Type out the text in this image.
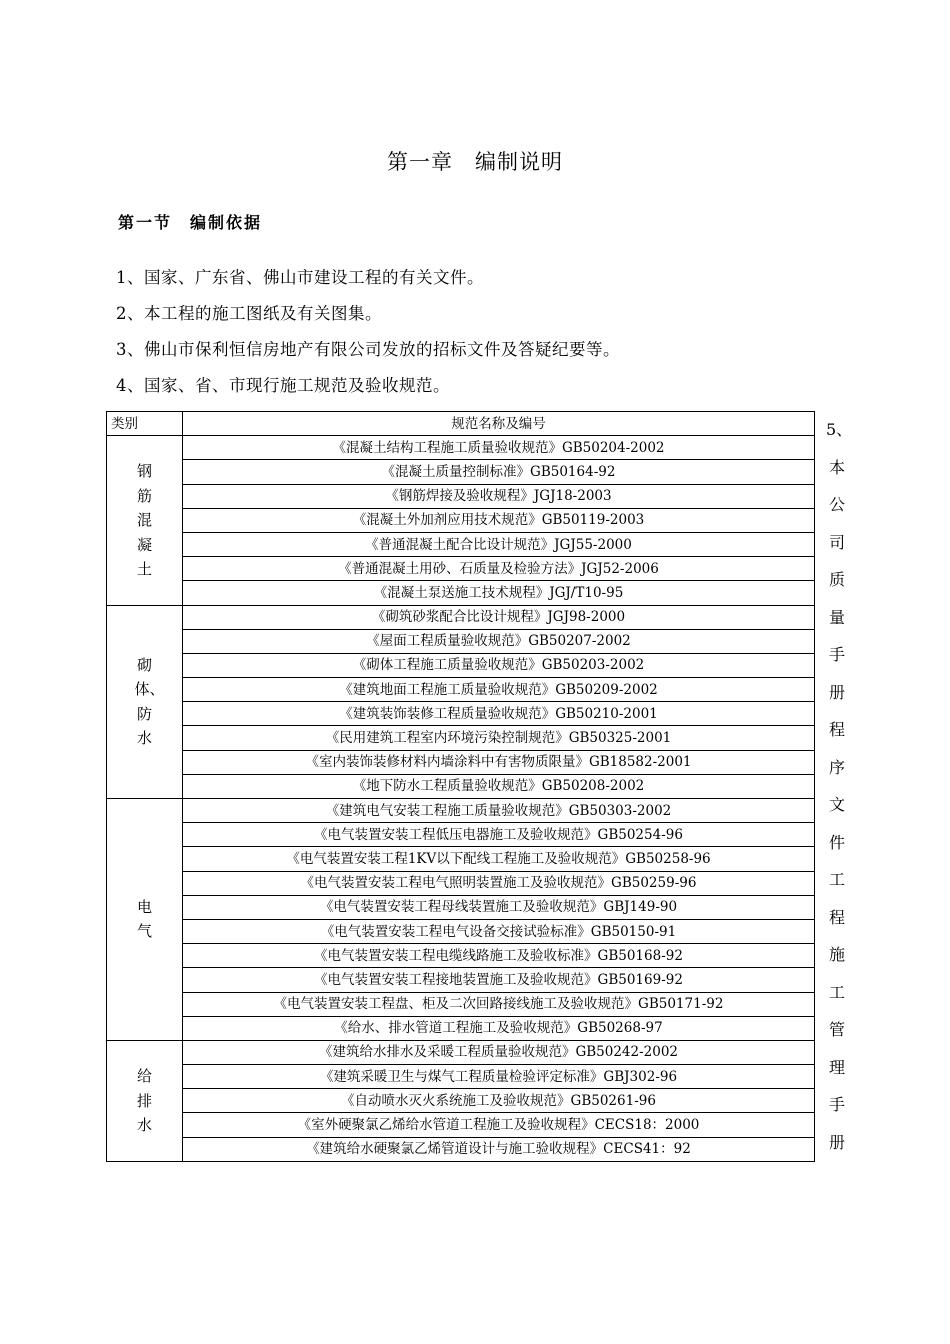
第一章　编制说明
第一节　编制依据
1、国家、广东省、佛山市建设工程的有关文件。
2、本工程的施工图纸及有关图集。
3、佛山市保利恒信房地产有限公司发放的招标文件及答疑纪要等。
4、国家、省、市现行施工规范及验收规范。
类别	规范名称及编号
钢筋混凝土	《混凝土结构工程施工质量验收规范》GB50204-2002
	《混凝土质量控制标准》GB50164-92
	《钢筋焊接及验收规程》JGJ18-2003
	《混凝土外加剂应用技术规范》GB50119-2003
	《普通混凝土配合比设计规范》JGJ55-2000
	《普通混凝土用砂、石质量及检验方法》JGJ52-2006
	《混凝土泵送施工技术规程》JGJ/T10-95
砌体、防水	《砌筑砂浆配合比设计规程》JGJ98-2000
	《屋面工程质量验收规范》GB50207-2002
	《砌体工程施工质量验收规范》GB50203-2002
	《建筑地面工程施工质量验收规范》GB50209-2002
	《建筑装饰装修工程质量验收规范》GB50210-2001
	《民用建筑工程室内环境污染控制规范》GB50325-2001
	《室内装饰装修材料内墙涂料中有害物质限量》GB18582-2001
	《地下防水工程质量验收规范》GB50208-2002
电气	《建筑电气安装工程施工质量验收规范》GB50303-2002
	《电气装置安装工程低压电器施工及验收规范》GB50254-96
	《电气装置安装工程1KV以下配线工程施工及验收规范》GB50258-96
	《电气装置安装工程电气照明装置施工及验收规范》GB50259-96
	《电气装置安装工程母线装置施工及验收规范》GBJ149-90
	《电气装置安装工程电气设备交接试验标准》GB50150-91
	《电气装置安装工程电缆线路施工及验收标准》GB50168-92
	《电气装置安装工程接地装置施工及验收规范》GB50169-92
	《电气装置安装工程盘、柜及二次回路接线施工及验收规范》GB50171-92
	《给水、排水管道工程施工及验收规范》GB50268-97
给排水	《建筑给水排水及采暖工程质量验收规范》GB50242-2002
	《建筑采暖卫生与煤气工程质量检验评定标准》GBJ302-96
	《自动喷水灭火系统施工及验收规范》GB50261-96
	《室外硬聚氯乙烯给水管道工程施工及验收规程》CECS18：2000
	《建筑给水硬聚氯乙烯管道设计与施工验收规程》CECS41：92
5、本公司质量手册程序文件工程施工管理手册
